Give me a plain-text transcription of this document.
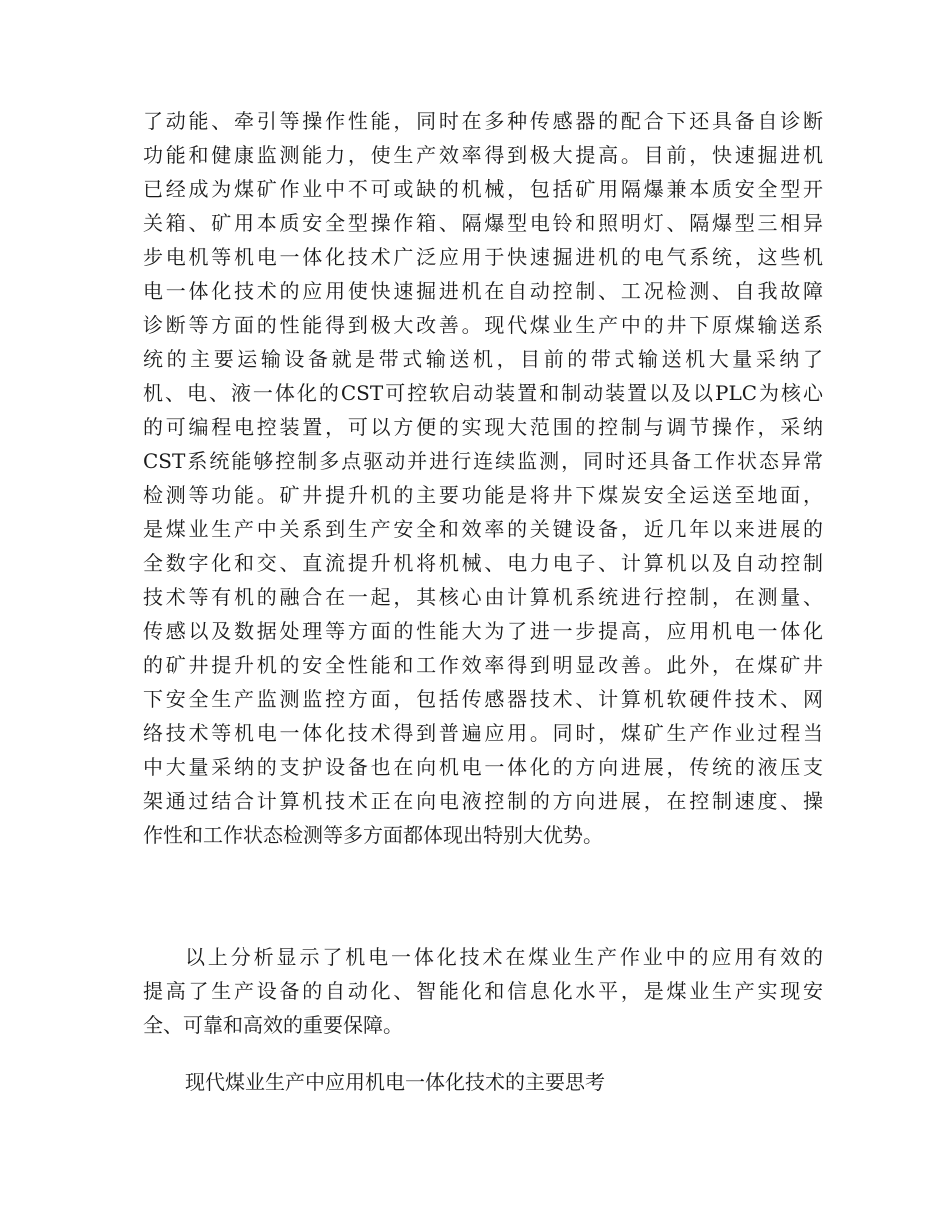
了动能、牵引等操作性能，同时在多种传感器的配合下还具备自诊断
功能和健康监测能力，使生产效率得到极大提高。目前，快速掘进机
已经成为煤矿作业中不可或缺的机械，包括矿用隔爆兼本质安全型开
关箱、矿用本质安全型操作箱、隔爆型电铃和照明灯、隔爆型三相异
步电机等机电一体化技术广泛应用于快速掘进机的电气系统，这些机
电一体化技术的应用使快速掘进机在自动控制、工况检测、自我故障
诊断等方面的性能得到极大改善。现代煤业生产中的井下原煤输送系
统的主要运输设备就是带式输送机，目前的带式输送机大量采纳了
机、电、液一体化的CST可控软启动装置和制动装置以及以PLC为核心
的可编程电控装置，可以方便的实现大范围的控制与调节操作，采纳
CST系统能够控制多点驱动并进行连续监测，同时还具备工作状态异常
检测等功能。矿井提升机的主要功能是将井下煤炭安全运送至地面，
是煤业生产中关系到生产安全和效率的关键设备，近几年以来进展的
全数字化和交、直流提升机将机械、电力电子、计算机以及自动控制
技术等有机的融合在一起，其核心由计算机系统进行控制，在测量、
传感以及数据处理等方面的性能大为了进一步提高，应用机电一体化
的矿井提升机的安全性能和工作效率得到明显改善。此外，在煤矿井
下安全生产监测监控方面，包括传感器技术、计算机软硬件技术、网
络技术等机电一体化技术得到普遍应用。同时，煤矿生产作业过程当
中大量采纳的支护设备也在向机电一体化的方向进展，传统的液压支
架通过结合计算机技术正在向电液控制的方向进展，在控制速度、操
作性和工作状态检测等多方面都体现出特别大优势。
以上分析显示了机电一体化技术在煤业生产作业中的应用有效的
提高了生产设备的自动化、智能化和信息化水平，是煤业生产实现安
全、可靠和高效的重要保障。
现代煤业生产中应用机电一体化技术的主要思考
